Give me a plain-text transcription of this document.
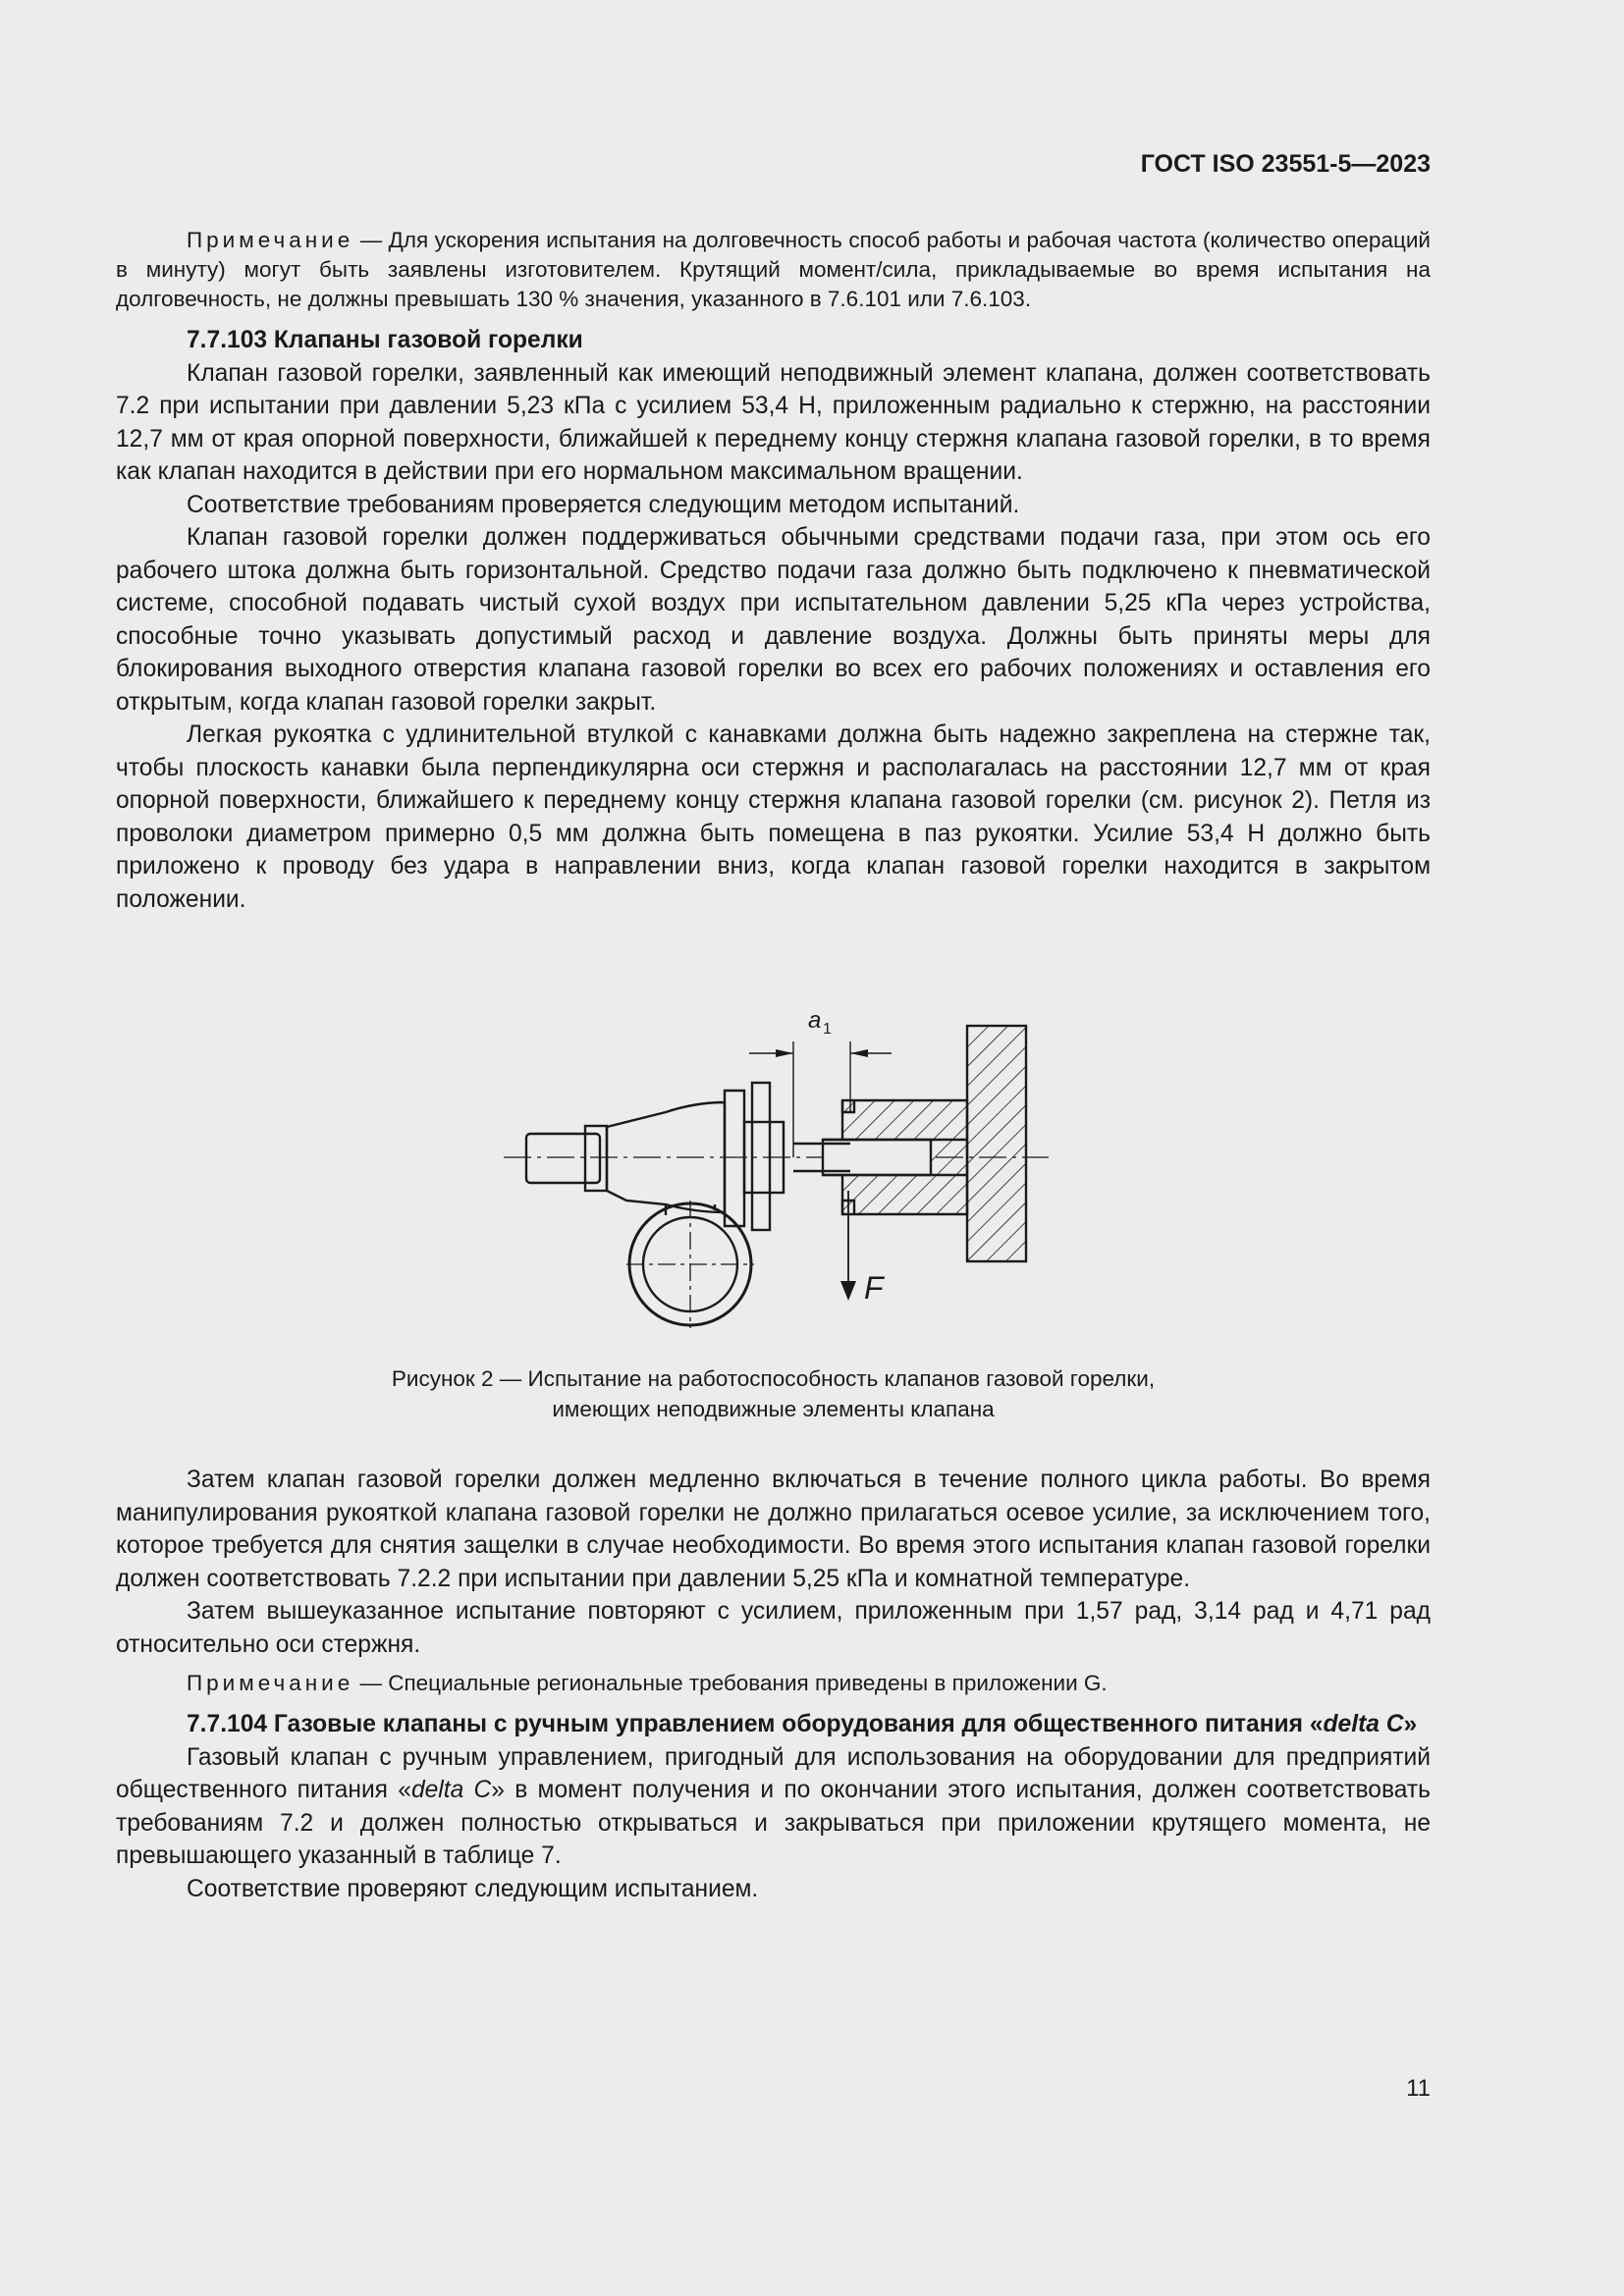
ГОСТ ISO 23551-5—2023

Примечание — Для ускорения испытания на долговечность способ работы и рабочая частота (количество операций в минуту) могут быть заявлены изготовителем. Крутящий момент/сила, прикладываемые во время испытания на долговечность, не должны превышать 130 % значения, указанного в 7.6.101 или 7.6.103.

7.7.103 Клапаны газовой горелки

Клапан газовой горелки, заявленный как имеющий неподвижный элемент клапана, должен соответствовать 7.2 при испытании при давлении 5,23 кПа с усилием 53,4 Н, приложенным радиально к стержню, на расстоянии 12,7 мм от края опорной поверхности, ближайшей к переднему концу стержня клапана газовой горелки, в то время как клапан находится в действии при его нормальном максимальном вращении.

Соответствие требованиям проверяется следующим методом испытаний.

Клапан газовой горелки должен поддерживаться обычными средствами подачи газа, при этом ось его рабочего штока должна быть горизонтальной. Средство подачи газа должно быть подключено к пневматической системе, способной подавать чистый сухой воздух при испытательном давлении 5,25 кПа через устройства, способные точно указывать допустимый расход и давление воздуха. Должны быть приняты меры для блокирования выходного отверстия клапана газовой горелки во всех его рабочих положениях и оставления его открытым, когда клапан газовой горелки закрыт.

Легкая рукоятка с удлинительной втулкой с канавками должна быть надежно закреплена на стержне так, чтобы плоскость канавки была перпендикулярна оси стержня и располагалась на расстоянии 12,7 мм от края опорной поверхности, ближайшего к переднему концу стержня клапана газовой горелки (см. рисунок 2). Петля из проволоки диаметром примерно 0,5 мм должна быть помещена в паз рукоятки. Усилие 53,4 Н должно быть приложено к проводу без удара в направлении вниз, когда клапан газовой горелки находится в закрытом положении.

a 1
F
Рисунок 2 — Испытание на работоспособность клапанов газовой горелки,
имеющих неподвижные элементы клапана

Затем клапан газовой горелки должен медленно включаться в течение полного цикла работы. Во время манипулирования рукояткой клапана газовой горелки не должно прилагаться осевое усилие, за исключением того, которое требуется для снятия защелки в случае необходимости. Во время этого испытания клапан газовой горелки должен соответствовать 7.2.2 при испытании при давлении 5,25 кПа и комнатной температуре.

Затем вышеуказанное испытание повторяют с усилием, приложенным при 1,57 рад, 3,14 рад и 4,71 рад относительно оси стержня.

Примечание — Специальные региональные требования приведены в приложении G.

7.7.104 Газовые клапаны с ручным управлением оборудования для общественного питания «delta C»

Газовый клапан с ручным управлением, пригодный для использования на оборудовании для предприятий общественного питания «delta C» в момент получения и по окончании этого испытания, должен соответствовать требованиям 7.2 и должен полностью открываться и закрываться при приложении крутящего момента, не превышающего указанный в таблице 7.

Соответствие проверяют следующим испытанием.

11
